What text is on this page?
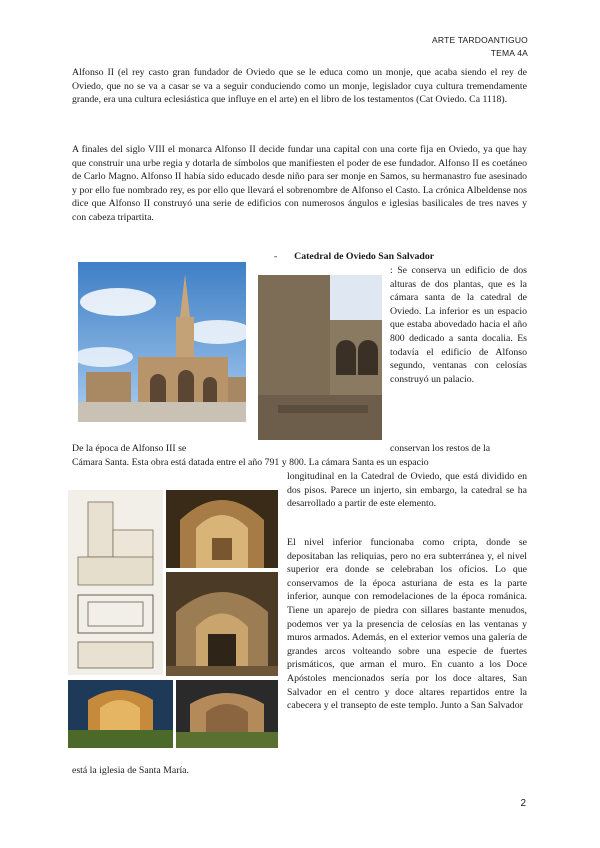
ARTE TARDOANTIGUO
TEMA 4A

Alfonso II (el rey casto gran fundador de Oviedo que se le educa como un monje, que acaba siendo el rey de Oviedo, que no se va a casar se va a seguir conduciendo como un monje, legislador cuya cultura tremendamente grande, era una cultura eclesiástica que influye en el arte) en el libro de los testamentos (Cat Oviedo. Ca 1118).

A finales del siglo VIII el monarca Alfonso II decide fundar una capital con una corte fija en Oviedo, ya que hay que construir una urbe regia y dotarla de símbolos que manifiesten el poder de ese fundador. Alfonso II es coetáneo de Carlo Magno. Alfonso II había sido educado desde niño para ser monje en Samos, su hermanastro fue asesinado y por ello fue nombrado rey, es por ello que llevará el sobrenombre de Alfonso el Casto. La crónica Albeldense nos dice que Alfonso II construyó una serie de edificios con numerosos ángulos e iglesias basilicales de tres naves y con cabeza tripartita.

- Catedral de Oviedo San Salvador

: Se conserva un edificio de dos alturas de dos plantas, que es la cámara santa de la catedral de Oviedo. La inferior es un espacio que estaba abovedado hacia el año 800 dedicado a santa docalia. Es todavía el edificio de Alfonso segundo, ventanas con celosías construyó un palacio.

De la época de Alfonso III se	conservan los restos de la
Cámara Santa. Esta obra está datada entre el año 791 y 800. La cámara Santa es un espacio

longitudinal en la Catedral de Oviedo, que está dividido en dos pisos. Parece un injerto, sin embargo, la catedral se ha desarrollado a partir de este elemento.

El nivel inferior funcionaba como cripta, donde se depositaban las reliquias, pero no era subterránea y, el nivel superior era donde se celebraban los oficios. Lo que conservamos de la época asturiana de esta es la parte inferior, aunque con remodelaciones de la época románica. Tiene un aparejo de piedra con sillares bastante menudos, podemos ver ya la presencia de celosías en las ventanas y muros armados. Además, en el exterior vemos una galería de grandes arcos volteando sobre una especie de fuertes prismáticos, que arman el muro. En cuanto a los Doce Apóstoles mencionados sería por los doce altares, San Salvador en el centro y doce altares repartidos entre la cabecera y el transepto de este templo. Junto a San Salvador

está la iglesia de Santa María.
2
